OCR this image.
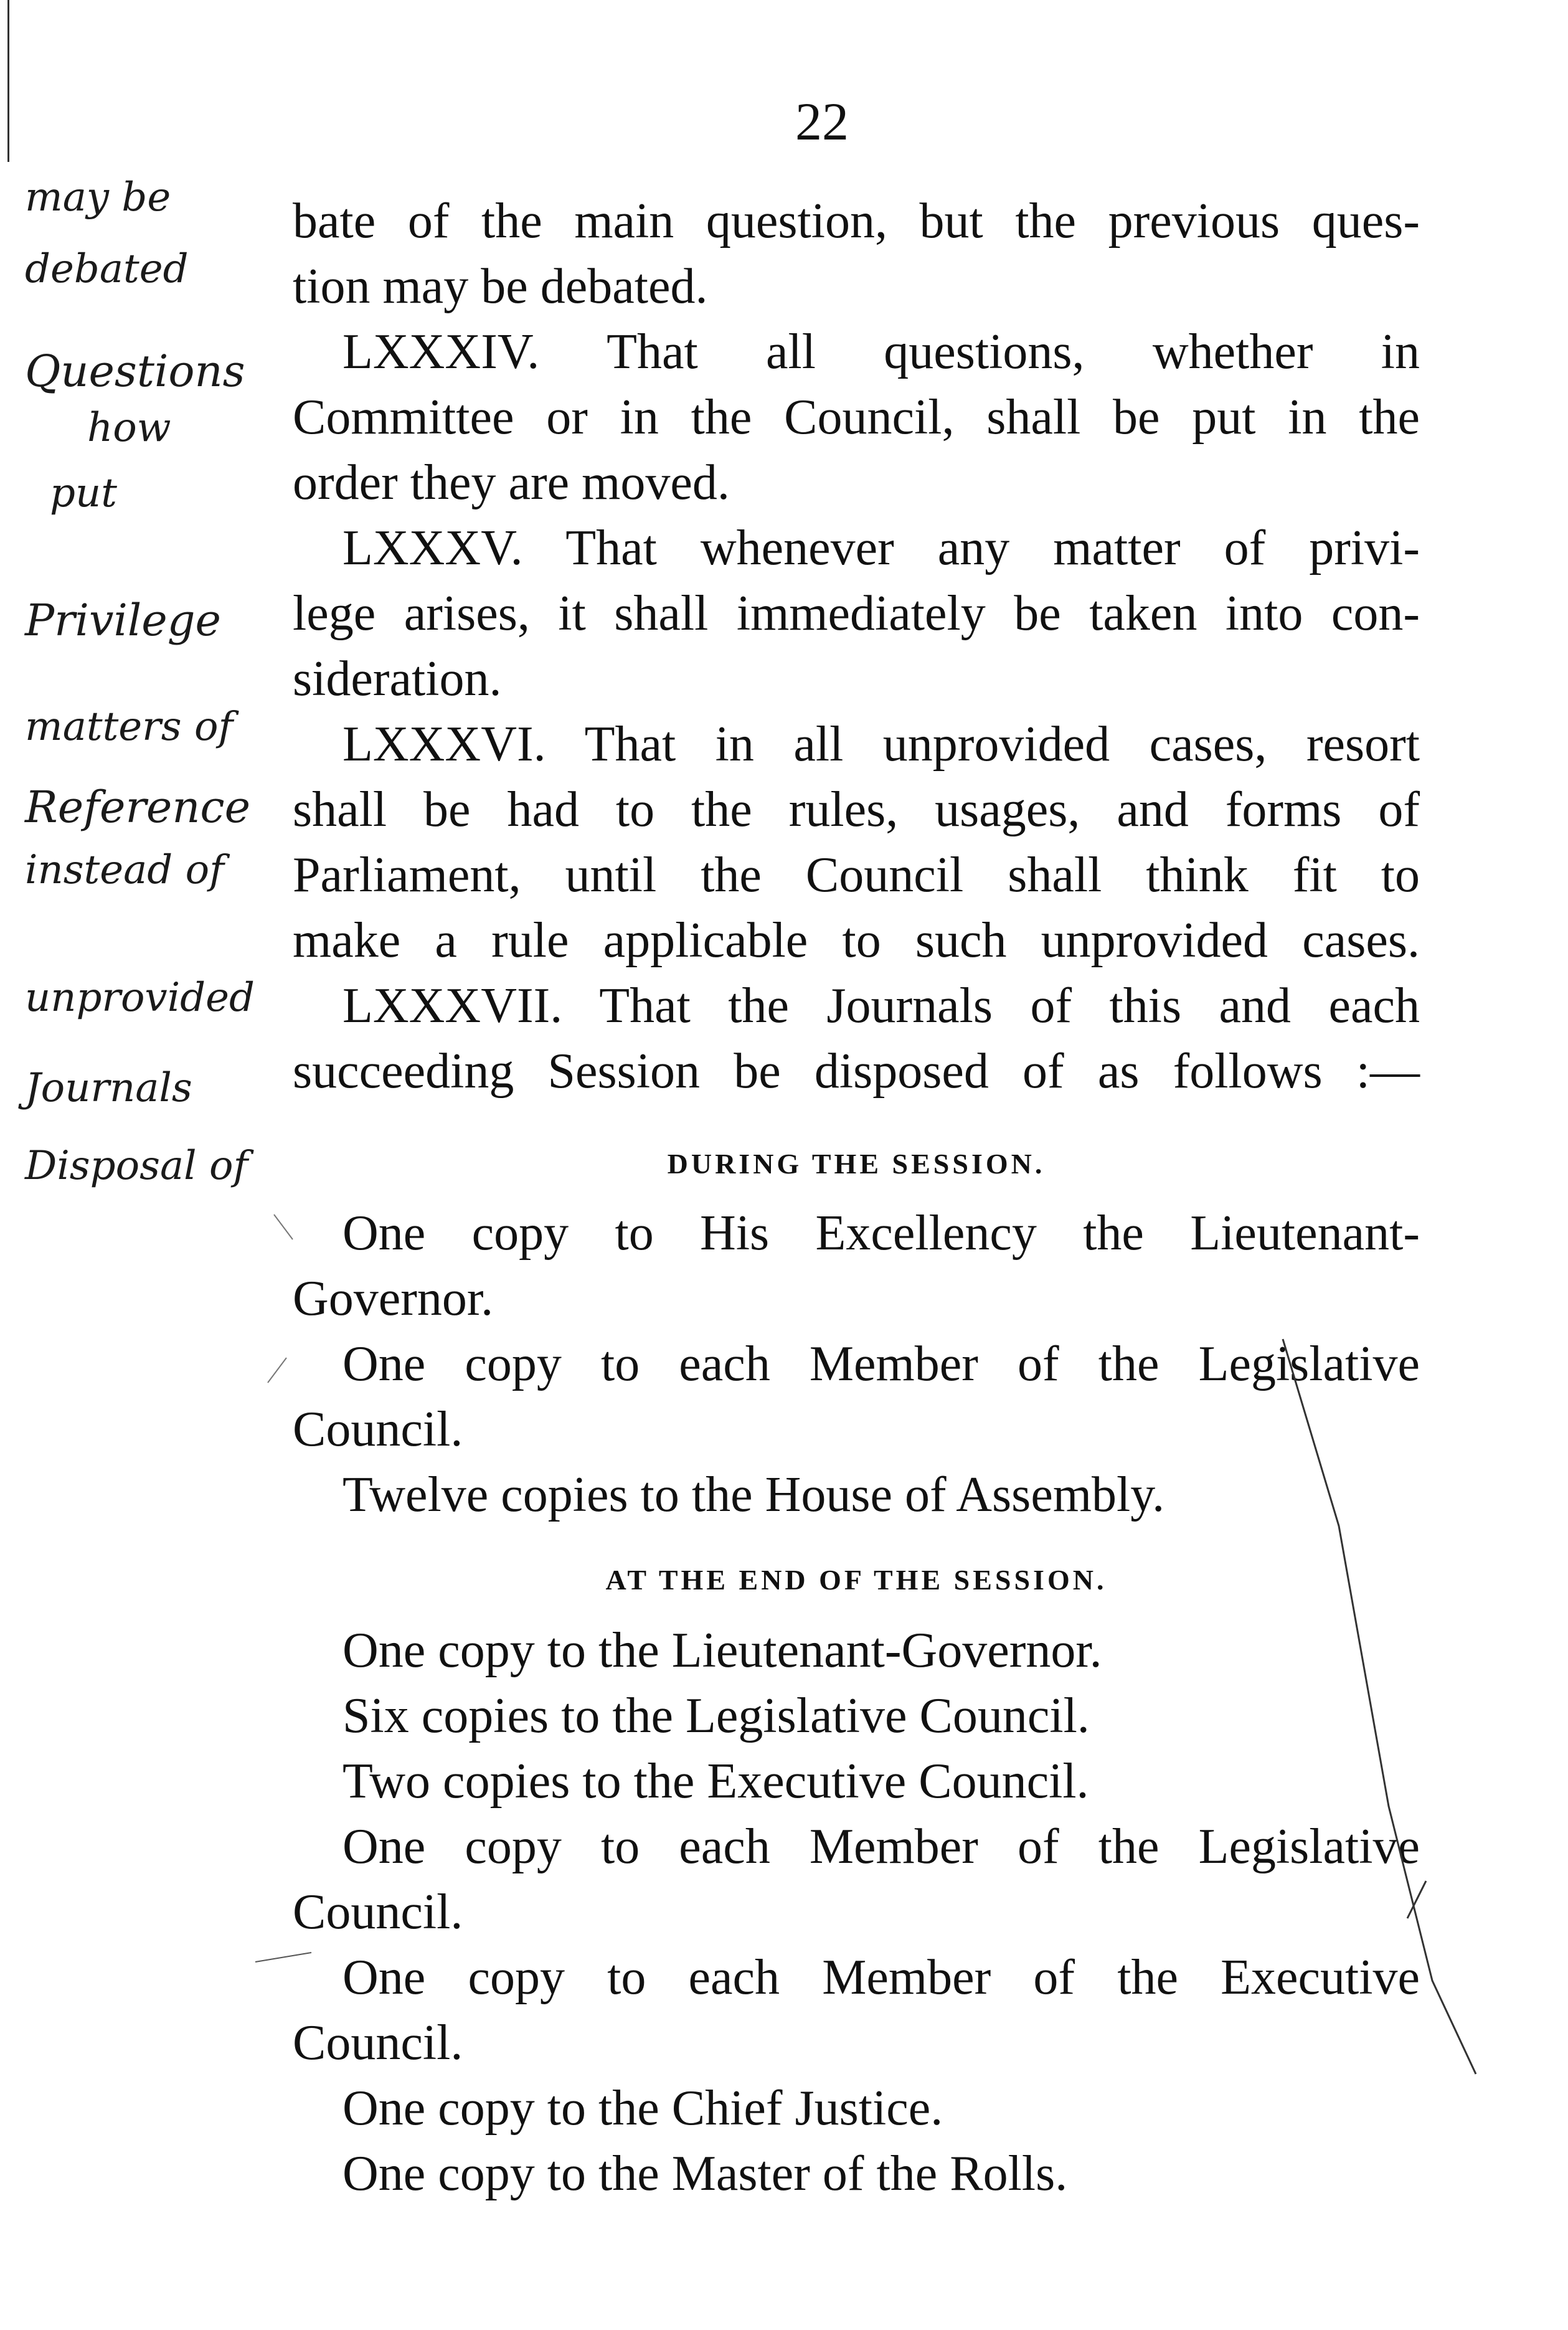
22
may be
debated
Questions
how
put
Privilege
matters of
Reference
instead of
unprovided
Journals
Disposal of
bate of the main question, but the previous ques-
tion may be debated.
LXXXIV. That all questions, whether in
Committee or in the Council, shall be put in the
order they are moved.
LXXXV. That whenever any matter of privi-
lege arises, it shall immediately be taken into con-
sideration.
LXXXVI. That in all unprovided cases, resort
shall be had to the rules, usages, and forms of
Parliament, until the Council shall think fit to
make a rule applicable to such unprovided cases.
LXXXVII. That the Journals of this and each
succeeding Session be disposed of as follows :—
DURING THE SESSION.
One copy to His Excellency the Lieutenant-
Governor.
One copy to each Member of the Legislative
Council.
Twelve copies to the House of Assembly.
AT THE END OF THE SESSION.
One copy to the Lieutenant-Governor.
Six copies to the Legislative Council.
Two copies to the Executive Council.
One copy to each Member of the Legislative
Council.
One copy to each Member of the Executive
Council.
One copy to the Chief Justice.
One copy to the Master of the Rolls.
